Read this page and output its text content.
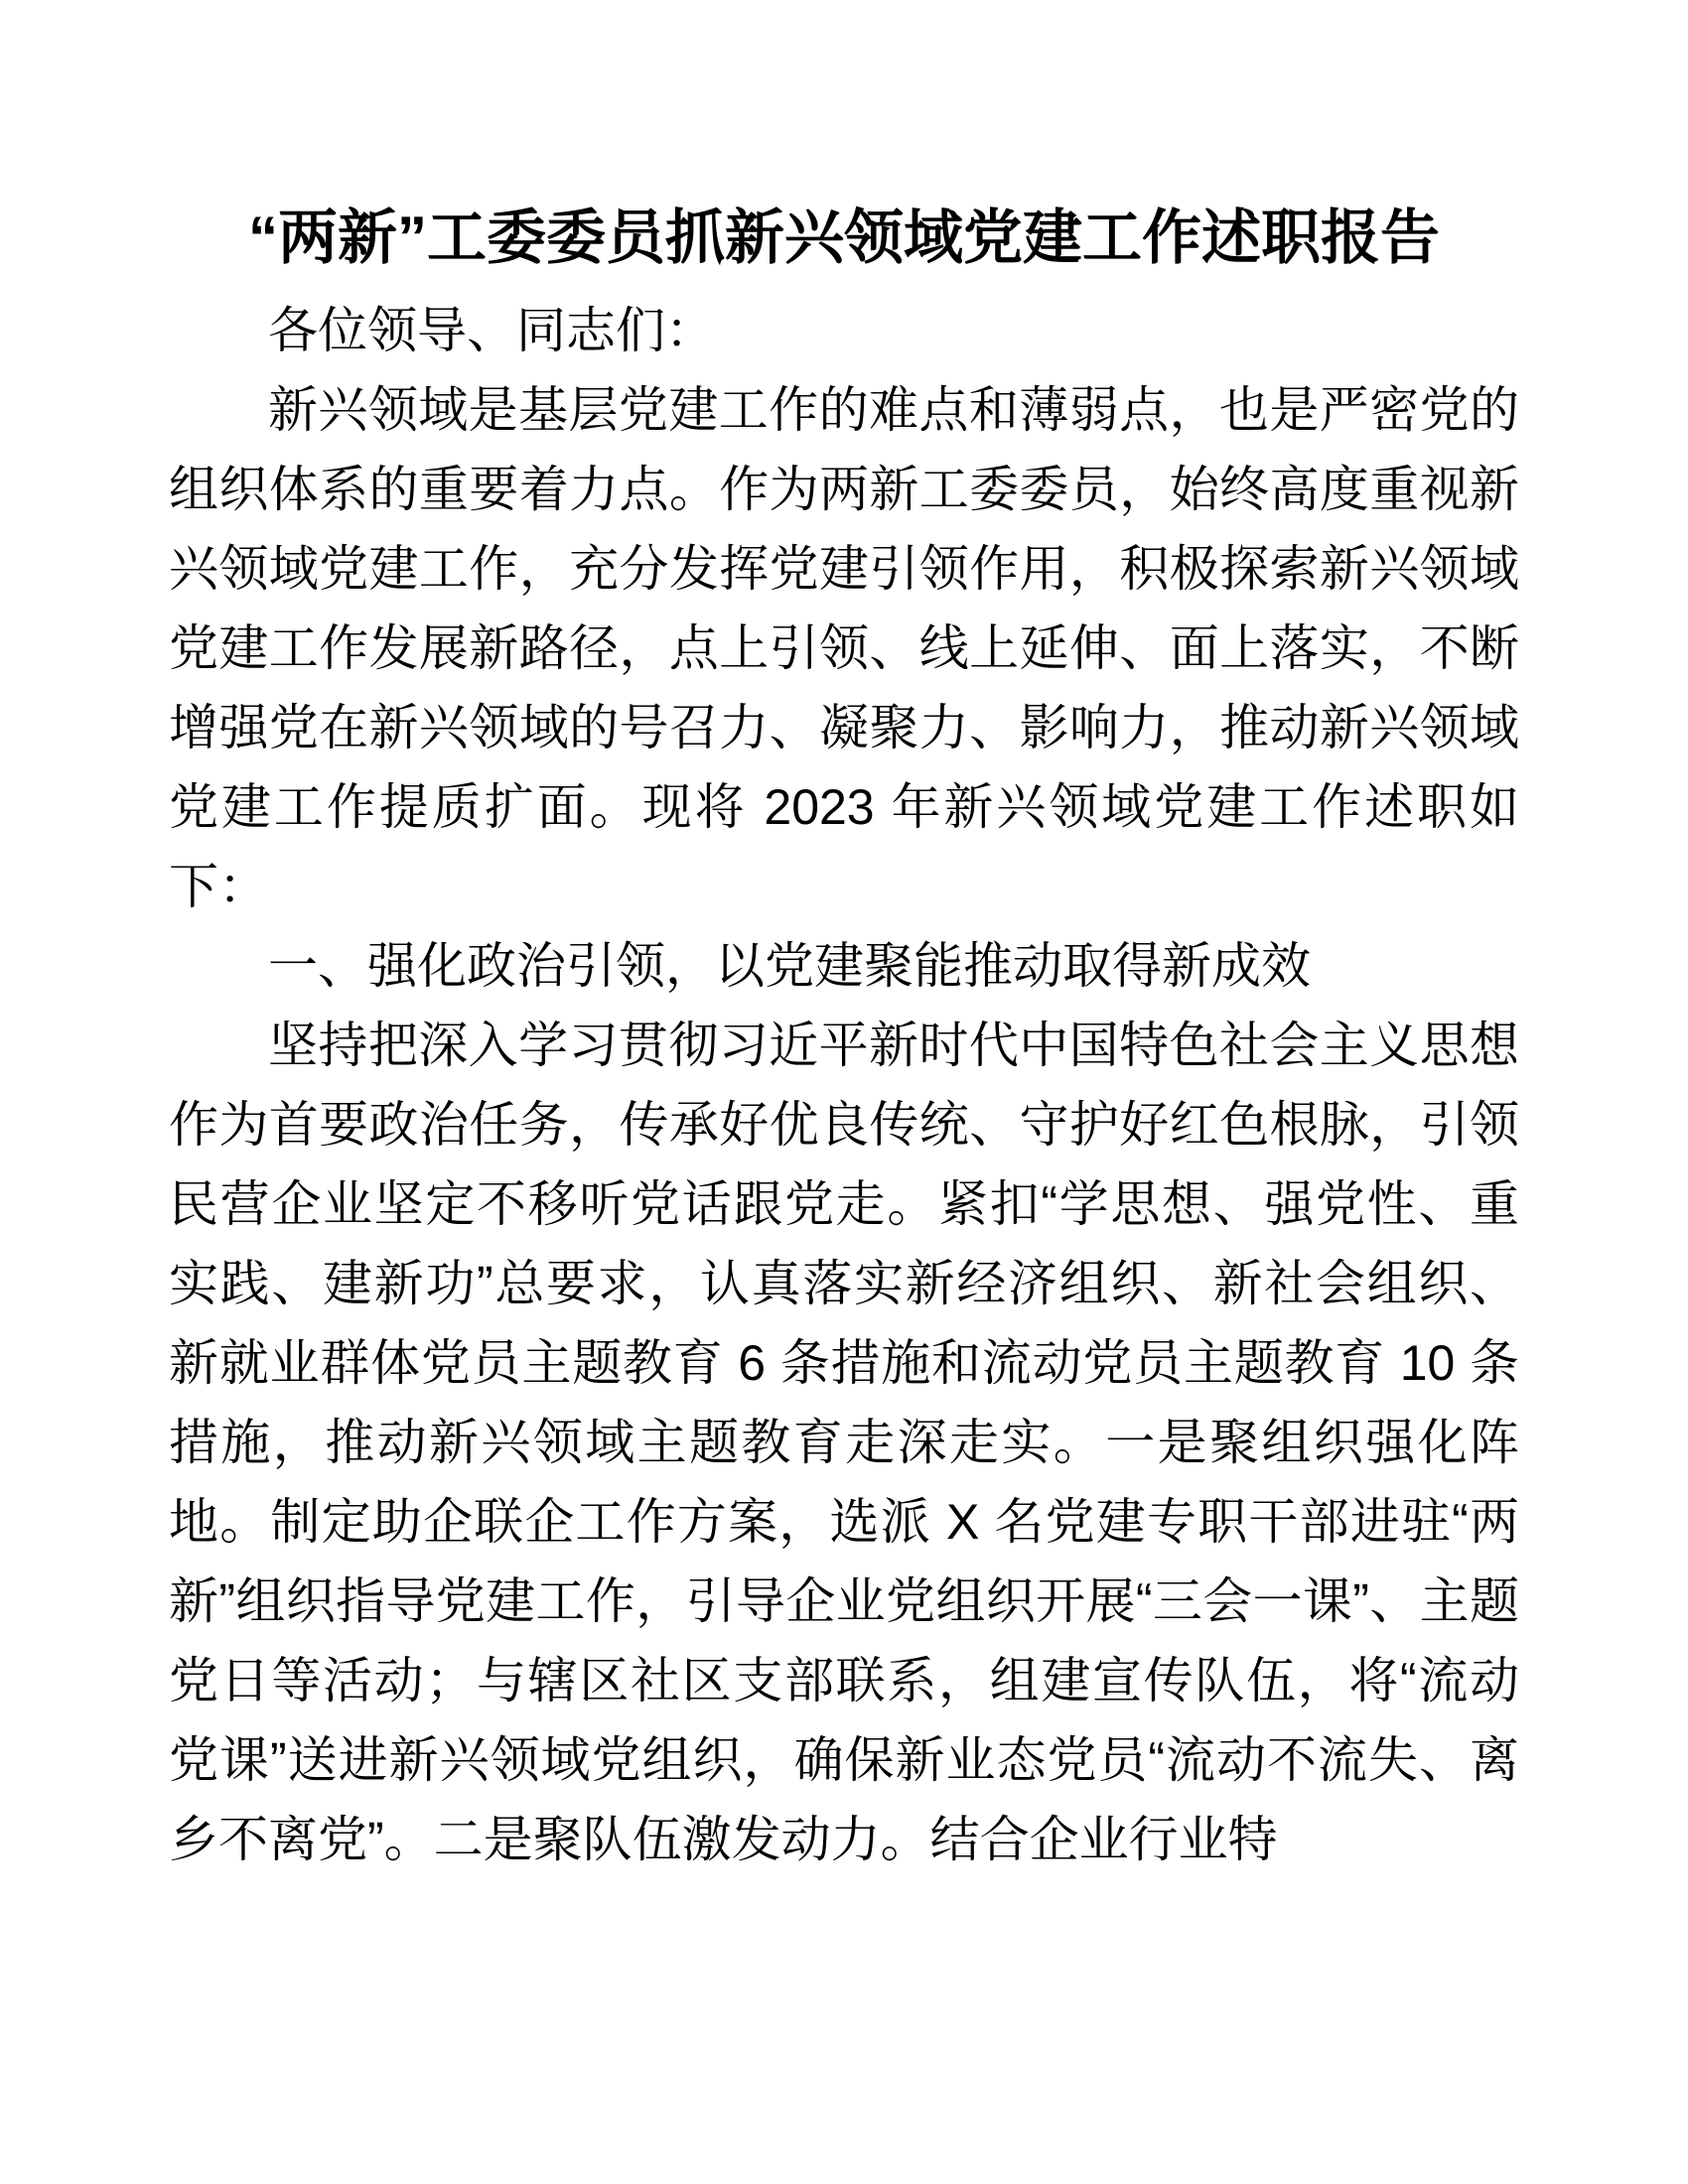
“两新”工委委员抓新兴领域党建工作述职报告

各位领导、同志们：

新兴领域是基层党建工作的难点和薄弱点，也是严密党的组织体系的重要着力点。作为两新工委委员，始终高度重视新兴领域党建工作，充分发挥党建引领作用，积极探索新兴领域党建工作发展新路径，点上引领、线上延伸、面上落实，不断增强党在新兴领域的号召力、凝聚力、影响力，推动新兴领域党建工作提质扩面。现将 2023 年新兴领域党建工作述职如下：

一、强化政治引领，以党建聚能推动取得新成效

坚持把深入学习贯彻习近平新时代中国特色社会主义思想作为首要政治任务，传承好优良传统、守护好红色根脉，引领民营企业坚定不移听党话跟党走。紧扣“学思想、强党性、重实践、建新功”总要求，认真落实新经济组织、新社会组织、新就业群体党员主题教育 6 条措施和流动党员主题教育 10 条措施，推动新兴领域主题教育走深走实。一是聚组织强化阵地。制定助企联企工作方案，选派 X 名党建专职干部进驻“两新”组织指导党建工作，引导企业党组织开展“三会一课”、主题党日等活动；与辖区社区支部联系，组建宣传队伍，将“流动党课”送进新兴领域党组织，确保新业态党员“流动不流失、离乡不离党”。二是聚队伍激发动力。结合企业行业特
